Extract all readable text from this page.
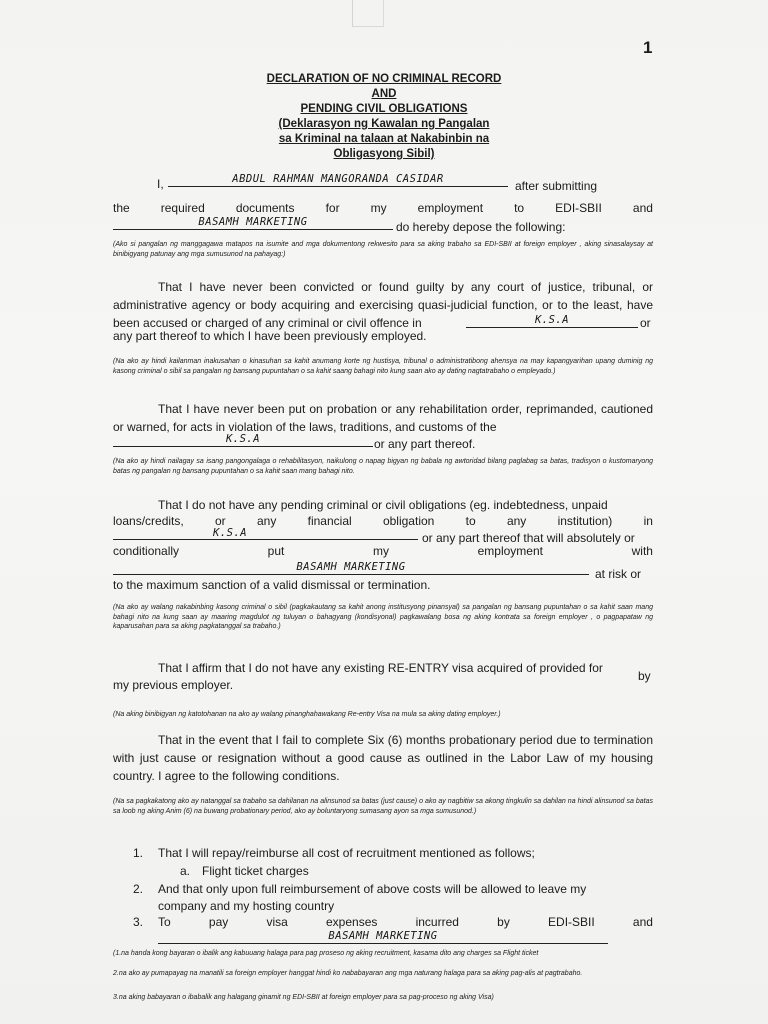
1
DECLARATION OF NO CRIMINAL RECORD
AND
PENDING CIVIL OBLIGATIONS
(Deklarasyon ng Kawalan ng Pangalan
sa Kriminal na talaan at Nakabinbin na
Obligasyong Sibil)
I,	ABDUL RAHMAN MANGORANDA CASIDAR	after submitting
the	required	documents	for	my	employment	to	EDI-SBII	and
BASAMH MARKETING	do hereby depose the following:
(Ako si pangalan ng manggagawa matapos na isumite and mga dokumentong rekwesito para sa aking trabaho sa EDI-SBII at foreign employer , aking sinasalaysay at binibigyang patunay ang mga sumusunod na pahayag:)
That I have never been convicted or found guilty by any court of justice, tribunal, or administrative agency or body acquiring and exercising quasi-judicial function, or to the least, have been accused or charged of any criminal or civil offence in	K.S.A	or
any part thereof to which I have been previously employed.
(Na ako ay hindi kailanman inakusahan o kinasuhan sa kahit anumang korte ng hustisya, tribunal o administratibong ahensya na may kapangyarihan upang duminig ng kasong criminal o sibil sa pangalan ng bansang pupuntahan o sa kahit saang bahagi nito kung saan ako ay dating nagtatrabaho o empleyado.)
That I have never been put on probation or any rehabilitation order, reprimanded, cautioned or warned, for acts in violation of the laws, traditions, and customs of the
K.S.A	or any part thereof.
(Na ako ay hindi nailagay sa isang pangongalaga o rehabilitasyon, naikulong o napag bigyan ng babala ng awtoridad bilang paglabag sa batas, tradisyon o kustomaryong batas ng pangalan ng bansang pupuntahan o sa kahit saan mang bahagi nito.
That I do not have any pending criminal or civil obligations (eg. indebtedness, unpaid
loans/credits,	or	any	financial	obligation	to	any	institution)	in
K.S.A	or any part thereof that will absolutely or
conditionally	put	my	employment	with
BASAMH MARKETING	at risk or
to the maximum sanction of a valid dismissal or termination.
(Na ako ay walang nakabinbing kasong criminal o sibil (pagkakautang sa kahit anong institusyong pinansyal) sa pangalan ng bansang pupuntahan o sa kahit saan mang bahagi nito na kung saan ay maaring magdulot ng tuluyan o bahagyang (kondisyonal) pagkawalang bosa ng aking kontrata sa foreign employer , o pagpapataw ng kaparusahan para sa aking pagkatanggal sa trabaho.)
That I affirm that I do not have any existing RE-ENTRY visa acquired of provided for
by
my previous employer.
(Na aking binibigyan ng katotohanan na ako ay walang pinanghahawakang Re-entry Visa na mula sa aking dating employer.)
That in the event that I fail to complete Six (6) months probationary period due to termination with just cause or resignation without a good cause as outlined in the Labor Law of my housing country. I agree to the following conditions.
(Na sa pagkakatong ako ay natanggal sa trabaho sa dahilanan na alinsunod sa batas (just cause) o ako ay nagbitiw sa akong tingkulin sa dahilan na hindi alinsunod sa batas sa loob ng aking Anim (6) na buwang probationary period, ako ay boluntaryong sumasang ayon sa mga sumusunod.)
1. That I will repay/reimburse all cost of recruitment mentioned as follows;
a. Flight ticket charges
2. And that only upon full reimbursement of above costs will be allowed to leave my
company and my hosting country
3. To	pay	visa	expenses	incurred	by	EDI-SBII	and
BASAMH MARKETING
(1.na handa kong bayaran o ibalik ang kabuuang halaga para pag proseso ng aking recruitment, kasama dito ang charges sa Flight ticket
2.na ako ay pumapayag na manatili sa foreign employer hanggat hindi ko nababayaran ang mga naturang halaga para sa aking pag-alis at pagtrabaho.
3.na aking babayaran o ibabalik ang halagang ginamit ng EDI-SBII at foreign employer para sa pag-proceso ng aking Visa)
